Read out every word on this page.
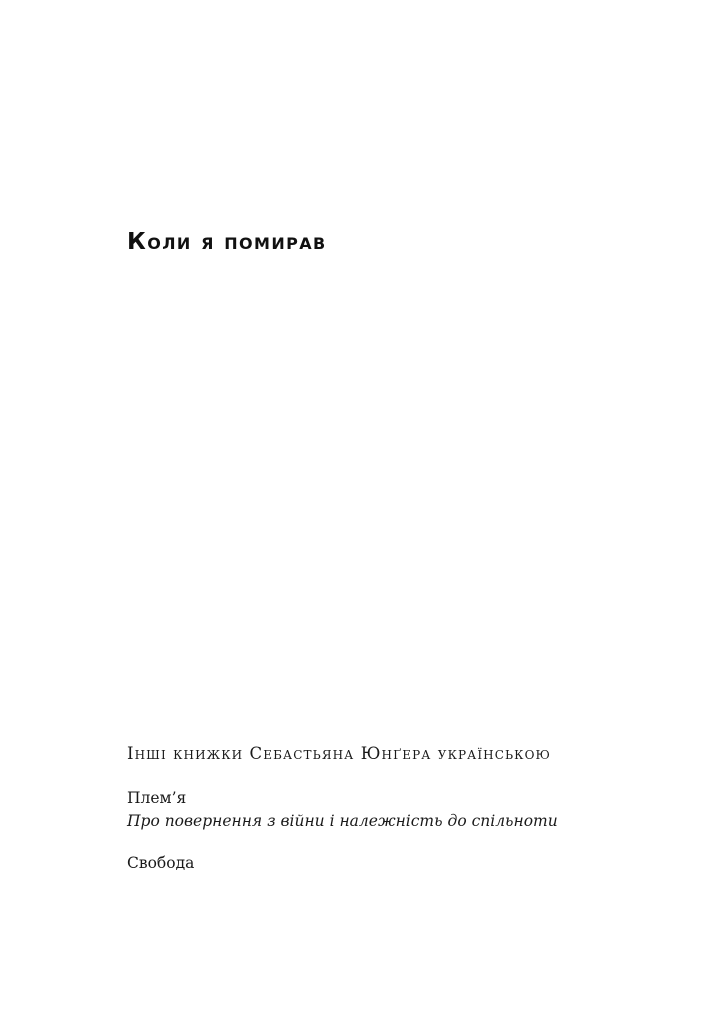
Коли я помирав
Інші книжки Себастьяна Юнґера українською
Плем’я
Про повернення з війни і належність до спільноти
Свобода
